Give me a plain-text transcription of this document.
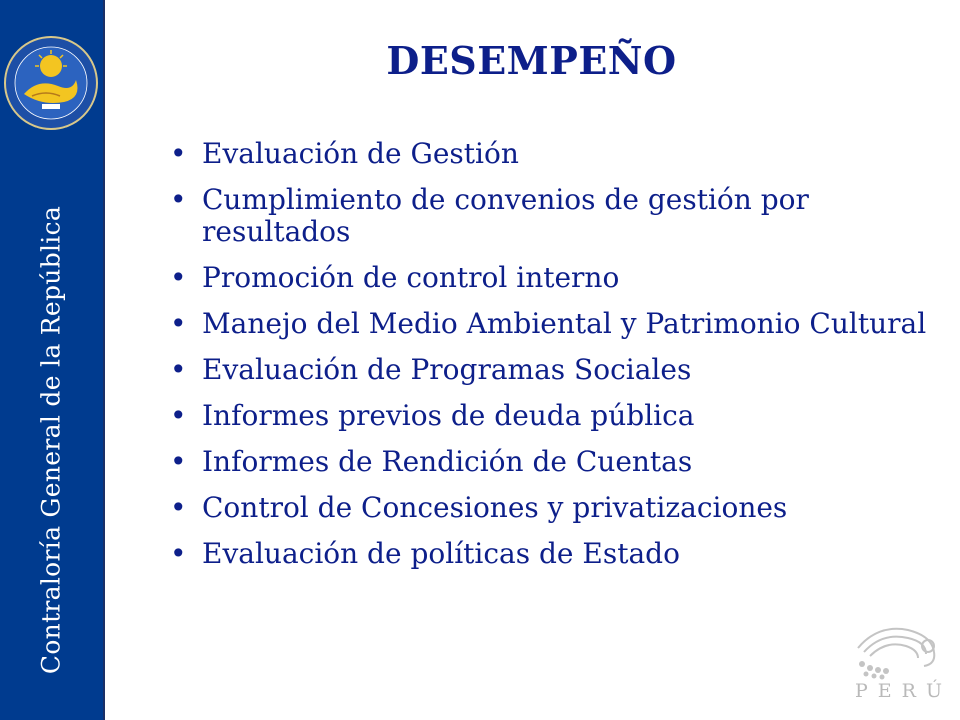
Contraloría General de la República
DESEMPEÑO
• Evaluación de Gestión
• Cumplimiento de convenios de gestión por resultados
• Promoción de control interno
• Manejo del Medio Ambiental y Patrimonio Cultural
• Evaluación de Programas Sociales
• Informes previos de deuda pública
• Informes de Rendición de Cuentas
• Control de Concesiones y privatizaciones
• Evaluación de políticas de Estado
PERÚ
